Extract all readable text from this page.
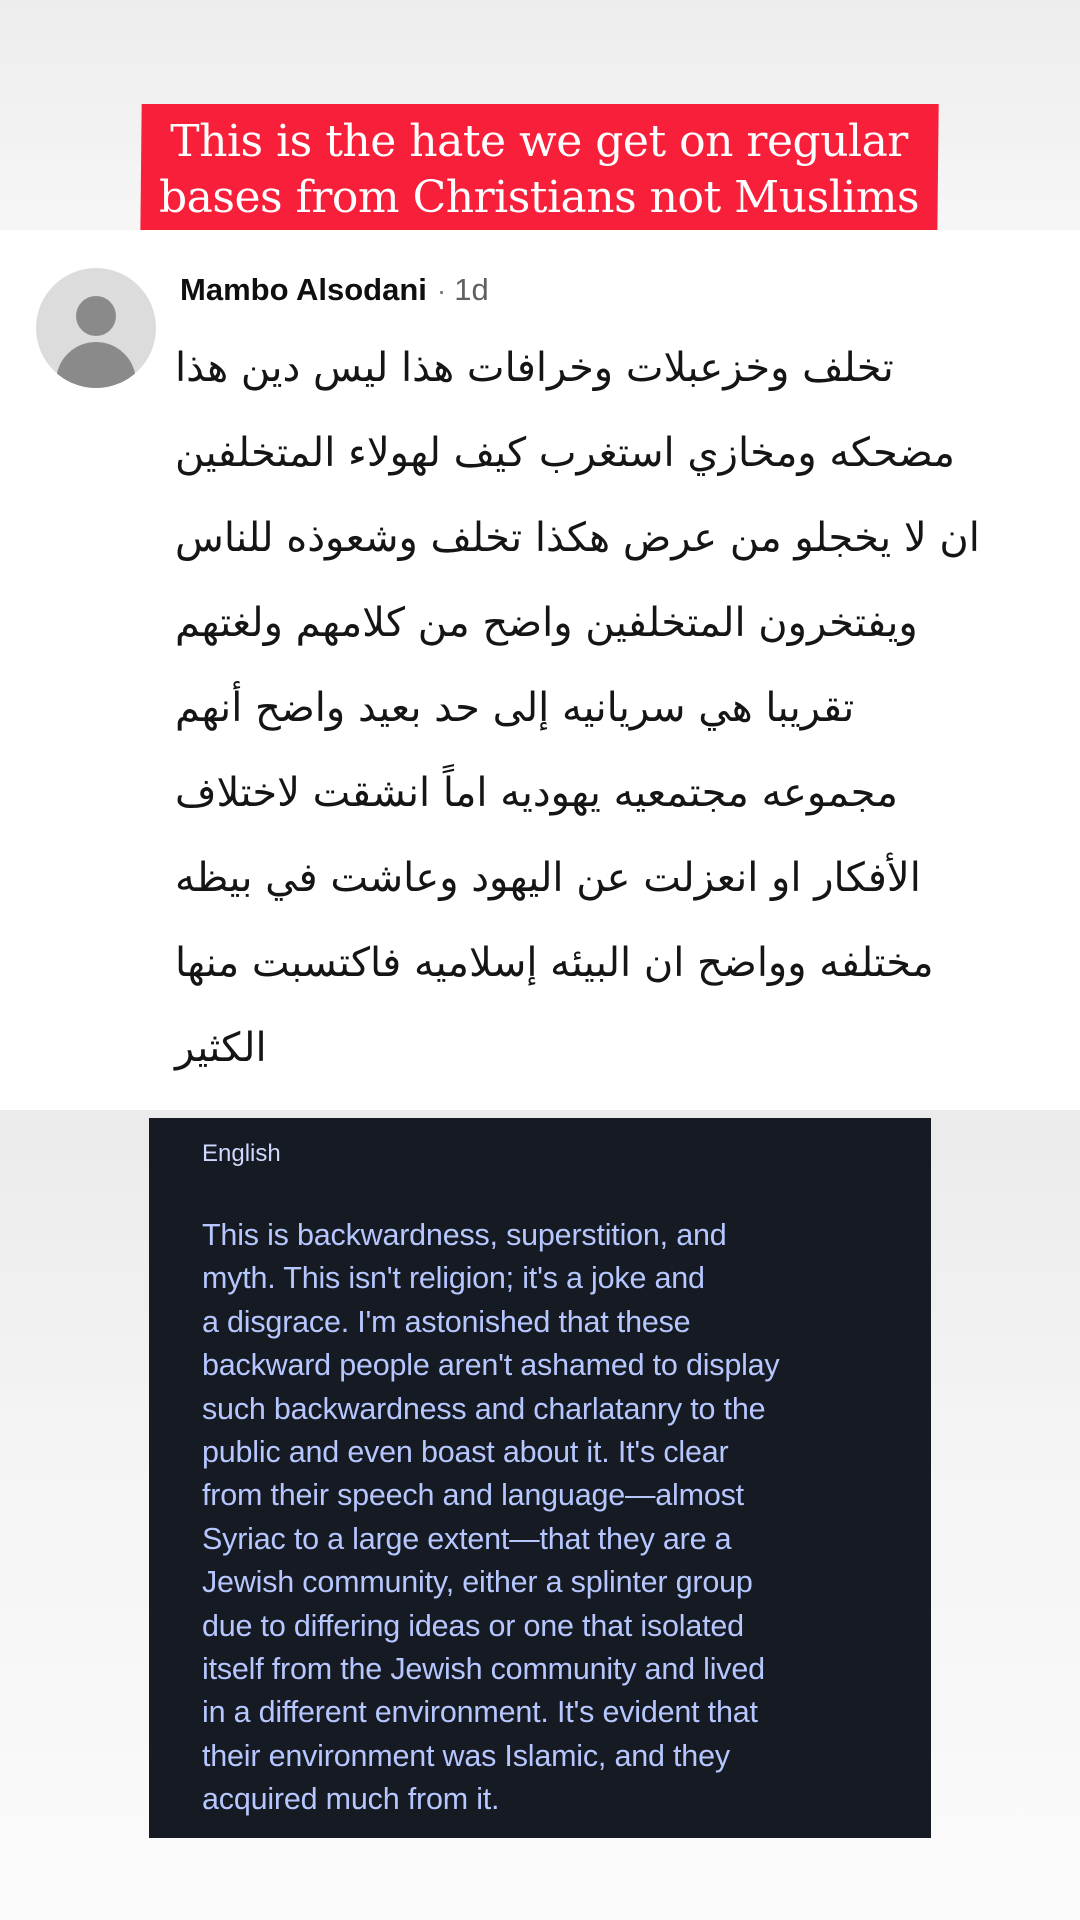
This is the hate we get on regular
bases from Christians not Muslims
Mambo Alsodani · 1d
تخلف وخزعبلات وخرافات هذا ليس دين هذا
مضحكه ومخازي استغرب كيف لهولاء المتخلفين
ان لا يخجلو من عرض هكذا تخلف وشعوذه للناس
ويفتخرون المتخلفين واضح من كلامهم ولغتهم
تقريبا هي سريانيه إلى حد بعيد واضح أنهم
مجموعه مجتمعيه يهوديه اماً انشقت لاختلاف
الأفكار او انعزلت عن اليهود وعاشت في بيظه
مختلفه وواضح ان البيئه إسلاميه فاكتسبت منها
الكثير
English
This is backwardness, superstition, and
myth. This isn't religion; it's a joke and
a disgrace. I'm astonished that these
backward people aren't ashamed to display
such backwardness and charlatanry to the
public and even boast about it. It's clear
from their speech and language—almost
Syriac to a large extent—that they are a
Jewish community, either a splinter group
due to differing ideas or one that isolated
itself from the Jewish community and lived
in a different environment. It's evident that
their environment was Islamic, and they
acquired much from it.
